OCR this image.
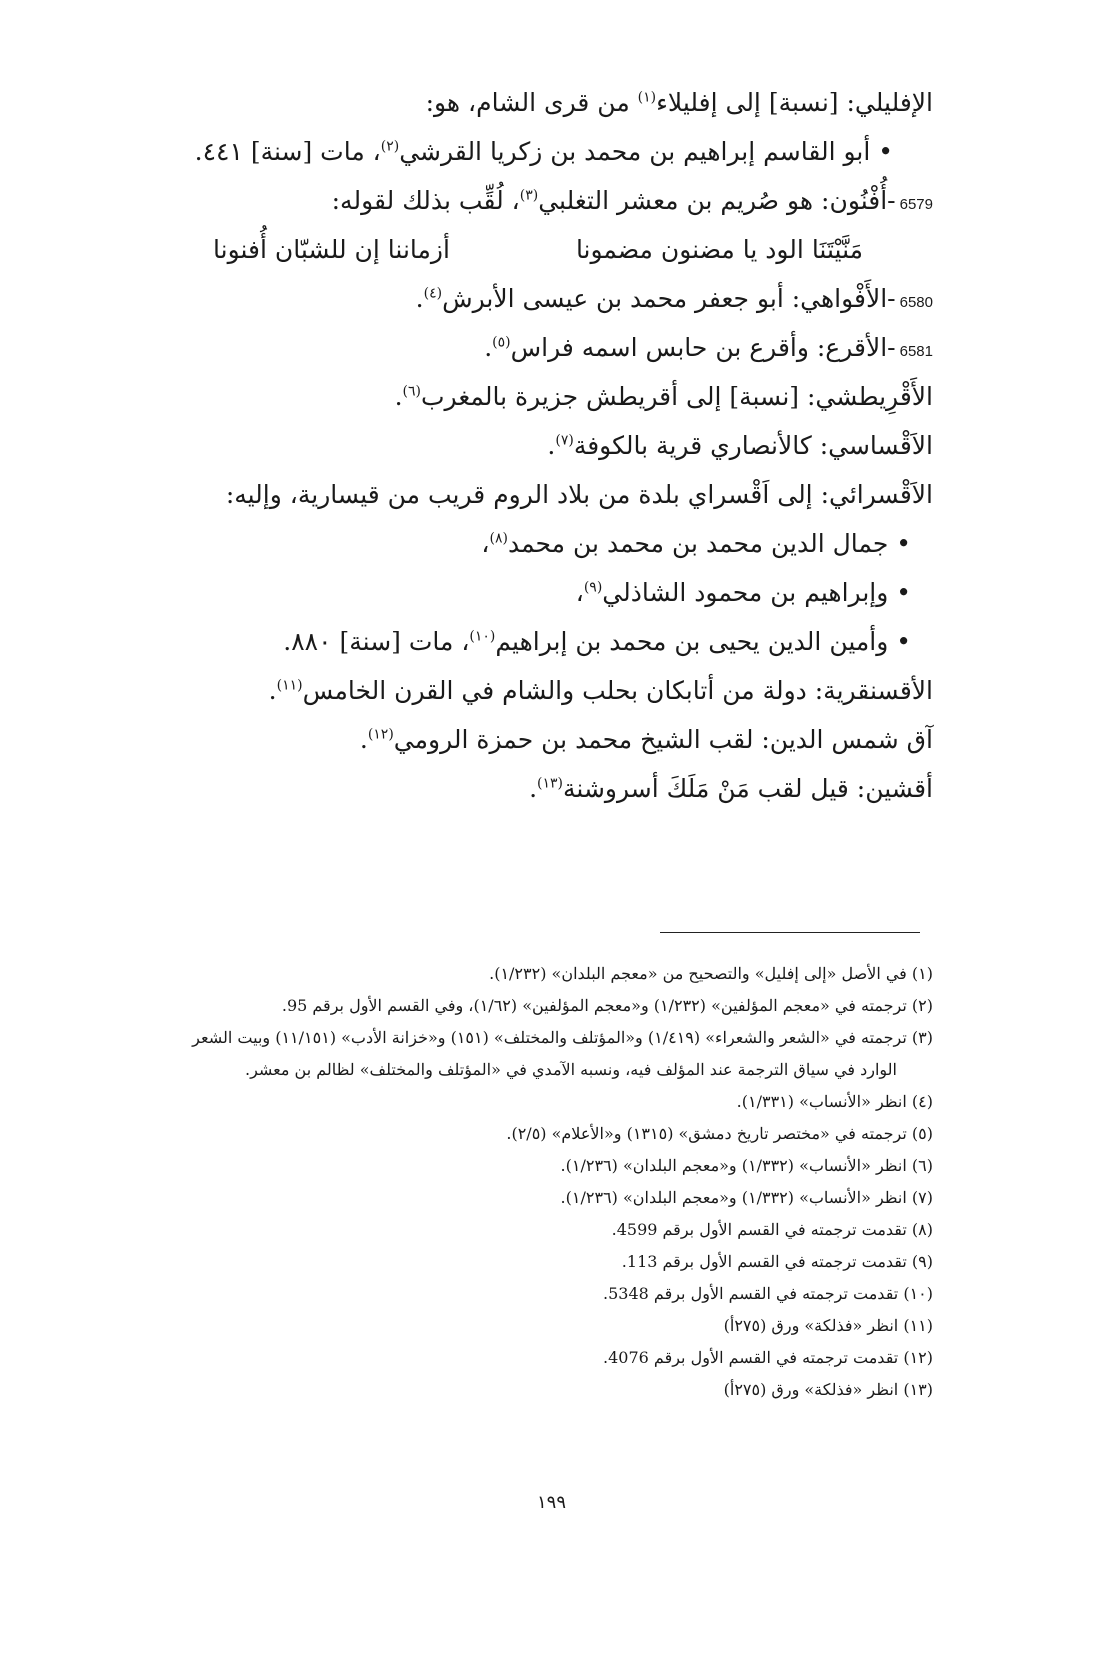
الإفليلي: [نسبة] إلى إفليلاء$^{(١)}$ من قرى الشام، هو:
• أبو القاسم إبراهيم بن محمد بن زكريا القرشي$^{(٢)}$، مات [سنة] ٤٤١.
6579-أُفْنُون: هو صُريم بن معشر التغلبي$^{(٣)}$، لُقِّب بذلك لقوله:
مَنَّيْتَنَا الود يا مضنون مضمونا
أزماننا إن للشبّان أُفنونا
6580-الأَفْواهي: أبو جعفر محمد بن عيسى الأبرش$^{(٤)}$.
6581-الأقرع: وأقرع بن حابس اسمه فراس$^{(٥)}$.
الأَقْرِيطشي: [نسبة] إلى أقريطش جزيرة بالمغرب$^{(٦)}$.
الاَقْساسي: كالأنصاري قرية بالكوفة$^{(٧)}$.
الاَقْسرائي: إلى اَقْسراي بلدة من بلاد الروم قريب من قيسارية، وإليه:
• جمال الدين محمد بن محمد بن محمد$^{(٨)}$،
• وإبراهيم بن محمود الشاذلي$^{(٩)}$،
• وأمين الدين يحيى بن محمد بن إبراهيم$^{(١٠)}$، مات [سنة] ٨٨٠.
الأقسنقرية: دولة من أتابكان بحلب والشام في القرن الخامس$^{(١١)}$.
آق شمس الدين: لقب الشيخ محمد بن حمزة الرومي$^{(١٢)}$.
أقشين: قيل لقب مَنْ مَلَكَ أسروشنة$^{(١٣)}$.
(١) في الأصل «إلى إفليل» والتصحيح من «معجم البلدان» (١/٢٣٢).
(٢) ترجمته في «معجم المؤلفين» (١/٢٣٢) و«معجم المؤلفين» (١/٦٢)، وفي القسم الأول برقم 95.
(٣) ترجمته في «الشعر والشعراء» (١/٤١٩) و«المؤتلف والمختلف» (١٥١) و«خزانة الأدب» (١١/١٥١) وبيت الشعر
الوارد في سياق الترجمة عند المؤلف فيه، ونسبه الآمدي في «المؤتلف والمختلف» لظالم بن معشر.
(٤) انظر «الأنساب» (١/٣٣١).
(٥) ترجمته في «مختصر تاريخ دمشق» (١٣١٥) و«الأعلام» (٢/٥).
(٦) انظر «الأنساب» (١/٣٣٢) و«معجم البلدان» (١/٢٣٦).
(٧) انظر «الأنساب» (١/٣٣٢) و«معجم البلدان» (١/٢٣٦).
(٨) تقدمت ترجمته في القسم الأول برقم 4599.
(٩) تقدمت ترجمته في القسم الأول برقم 113.
(١٠) تقدمت ترجمته في القسم الأول برقم 5348.
(١١) انظر «فذلكة» ورق (٢٧٥أ)
(١٢) تقدمت ترجمته في القسم الأول برقم 4076.
(١٣) انظر «فذلكة» ورق (٢٧٥أ)
١٩٩
